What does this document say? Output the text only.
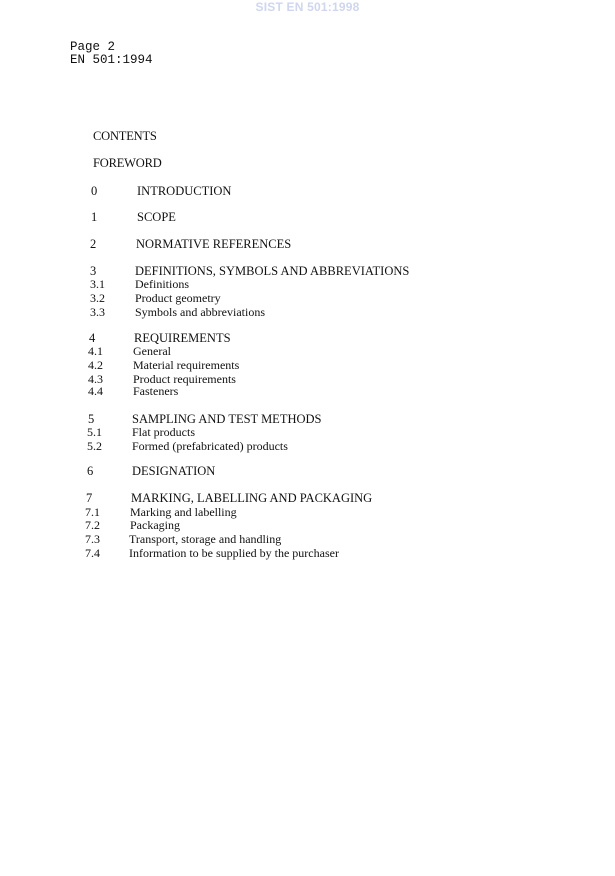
SIST EN 501:1998
Page 2
EN 501:1994
CONTENTS
FOREWORD
0	INTRODUCTION
1	SCOPE
2	NORMATIVE REFERENCES
3	DEFINITIONS, SYMBOLS AND ABBREVIATIONS
3.1	Definitions
3.2	Product geometry
3.3	Symbols and abbreviations
4	REQUIREMENTS
4.1	General
4.2	Material requirements
4.3	Product requirements
4.4	Fasteners
5	SAMPLING AND TEST METHODS
5.1	Flat products
5.2	Formed (prefabricated) products
6	DESIGNATION
7	MARKING, LABELLING AND PACKAGING
7.1	Marking and labelling
7.2	Packaging
7.3 Transport, storage and handling
7.4 Information to be supplied by the purchaser
